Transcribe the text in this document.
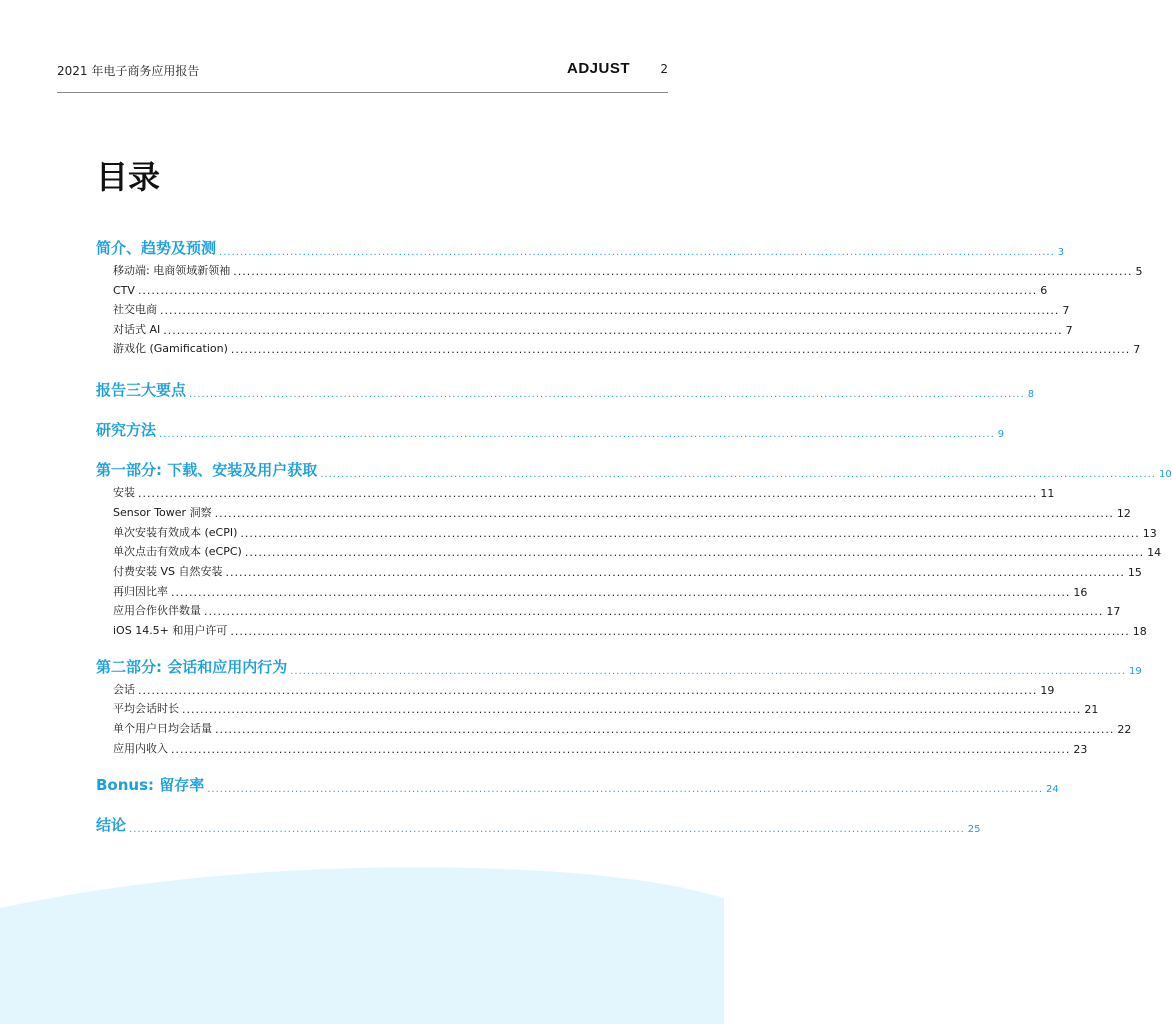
2021 年电子商务应用报告	ADJUST	2
目录
简介、趋势及预测 ........................................................................................................................................................................................................ 3
移动端: 电商领域新领袖 ........................................................................................................................................................................................................ 5
CTV ........................................................................................................................................................................................................ 6
社交电商 ........................................................................................................................................................................................................ 7
对话式 AI ........................................................................................................................................................................................................ 7
游戏化 (Gamification) ........................................................................................................................................................................................................ 7
报告三大要点 ........................................................................................................................................................................................................ 8
研究方法 ........................................................................................................................................................................................................ 9
第一部分: 下载、安装及用户获取 ........................................................................................................................................................................................................ 10
安装 ........................................................................................................................................................................................................ 11
Sensor Tower 洞察 ........................................................................................................................................................................................................ 12
单次安装有效成本 (eCPI) ........................................................................................................................................................................................................ 13
单次点击有效成本 (eCPC) ........................................................................................................................................................................................................ 14
付费安装 VS 自然安装 ........................................................................................................................................................................................................ 15
再归因比率 ........................................................................................................................................................................................................ 16
应用合作伙伴数量 ........................................................................................................................................................................................................ 17
iOS 14.5+ 和用户许可 ........................................................................................................................................................................................................ 18
第二部分: 会话和应用内行为 ........................................................................................................................................................................................................ 19
会话 ........................................................................................................................................................................................................ 19
平均会话时长 ........................................................................................................................................................................................................ 21
单个用户日均会话量 ........................................................................................................................................................................................................ 22
应用内收入 ........................................................................................................................................................................................................ 23
Bonus: 留存率 ........................................................................................................................................................................................................ 24
结论 ........................................................................................................................................................................................................ 25
